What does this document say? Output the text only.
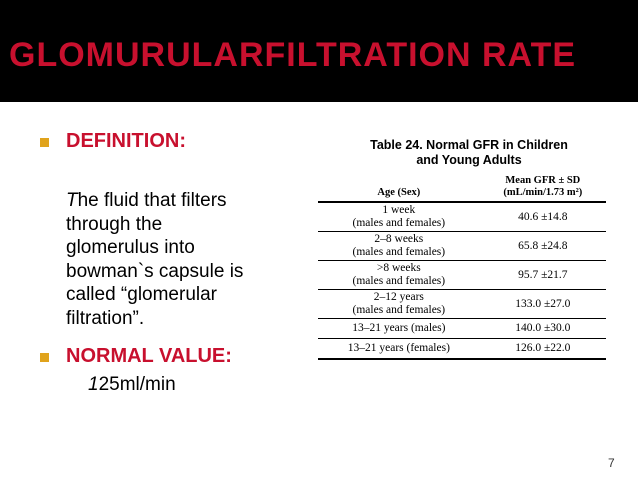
GLOMURULARFILTRATION RATE
DEFINITION:
The fluid that filters
through the
glomerulus into
bowman`s capsule is
called “glomerular
filtration”.
NORMAL VALUE:
125ml/min
Table 24. Normal GFR in Children
and Young Adults
Age (Sex)	Mean GFR ± SD
(mL/min/1.73 m²)

1 week
(males and females)	40.6 ±14.8

2–8 weeks
(males and females)	65.8 ±24.8

>8 weeks
(males and females)	95.7 ±21.7

2–12 years
(males and females)	133.0 ±27.0
13–21 years (males)	140.0 ±30.0
13–21 years (females)	126.0 ±22.0
7
